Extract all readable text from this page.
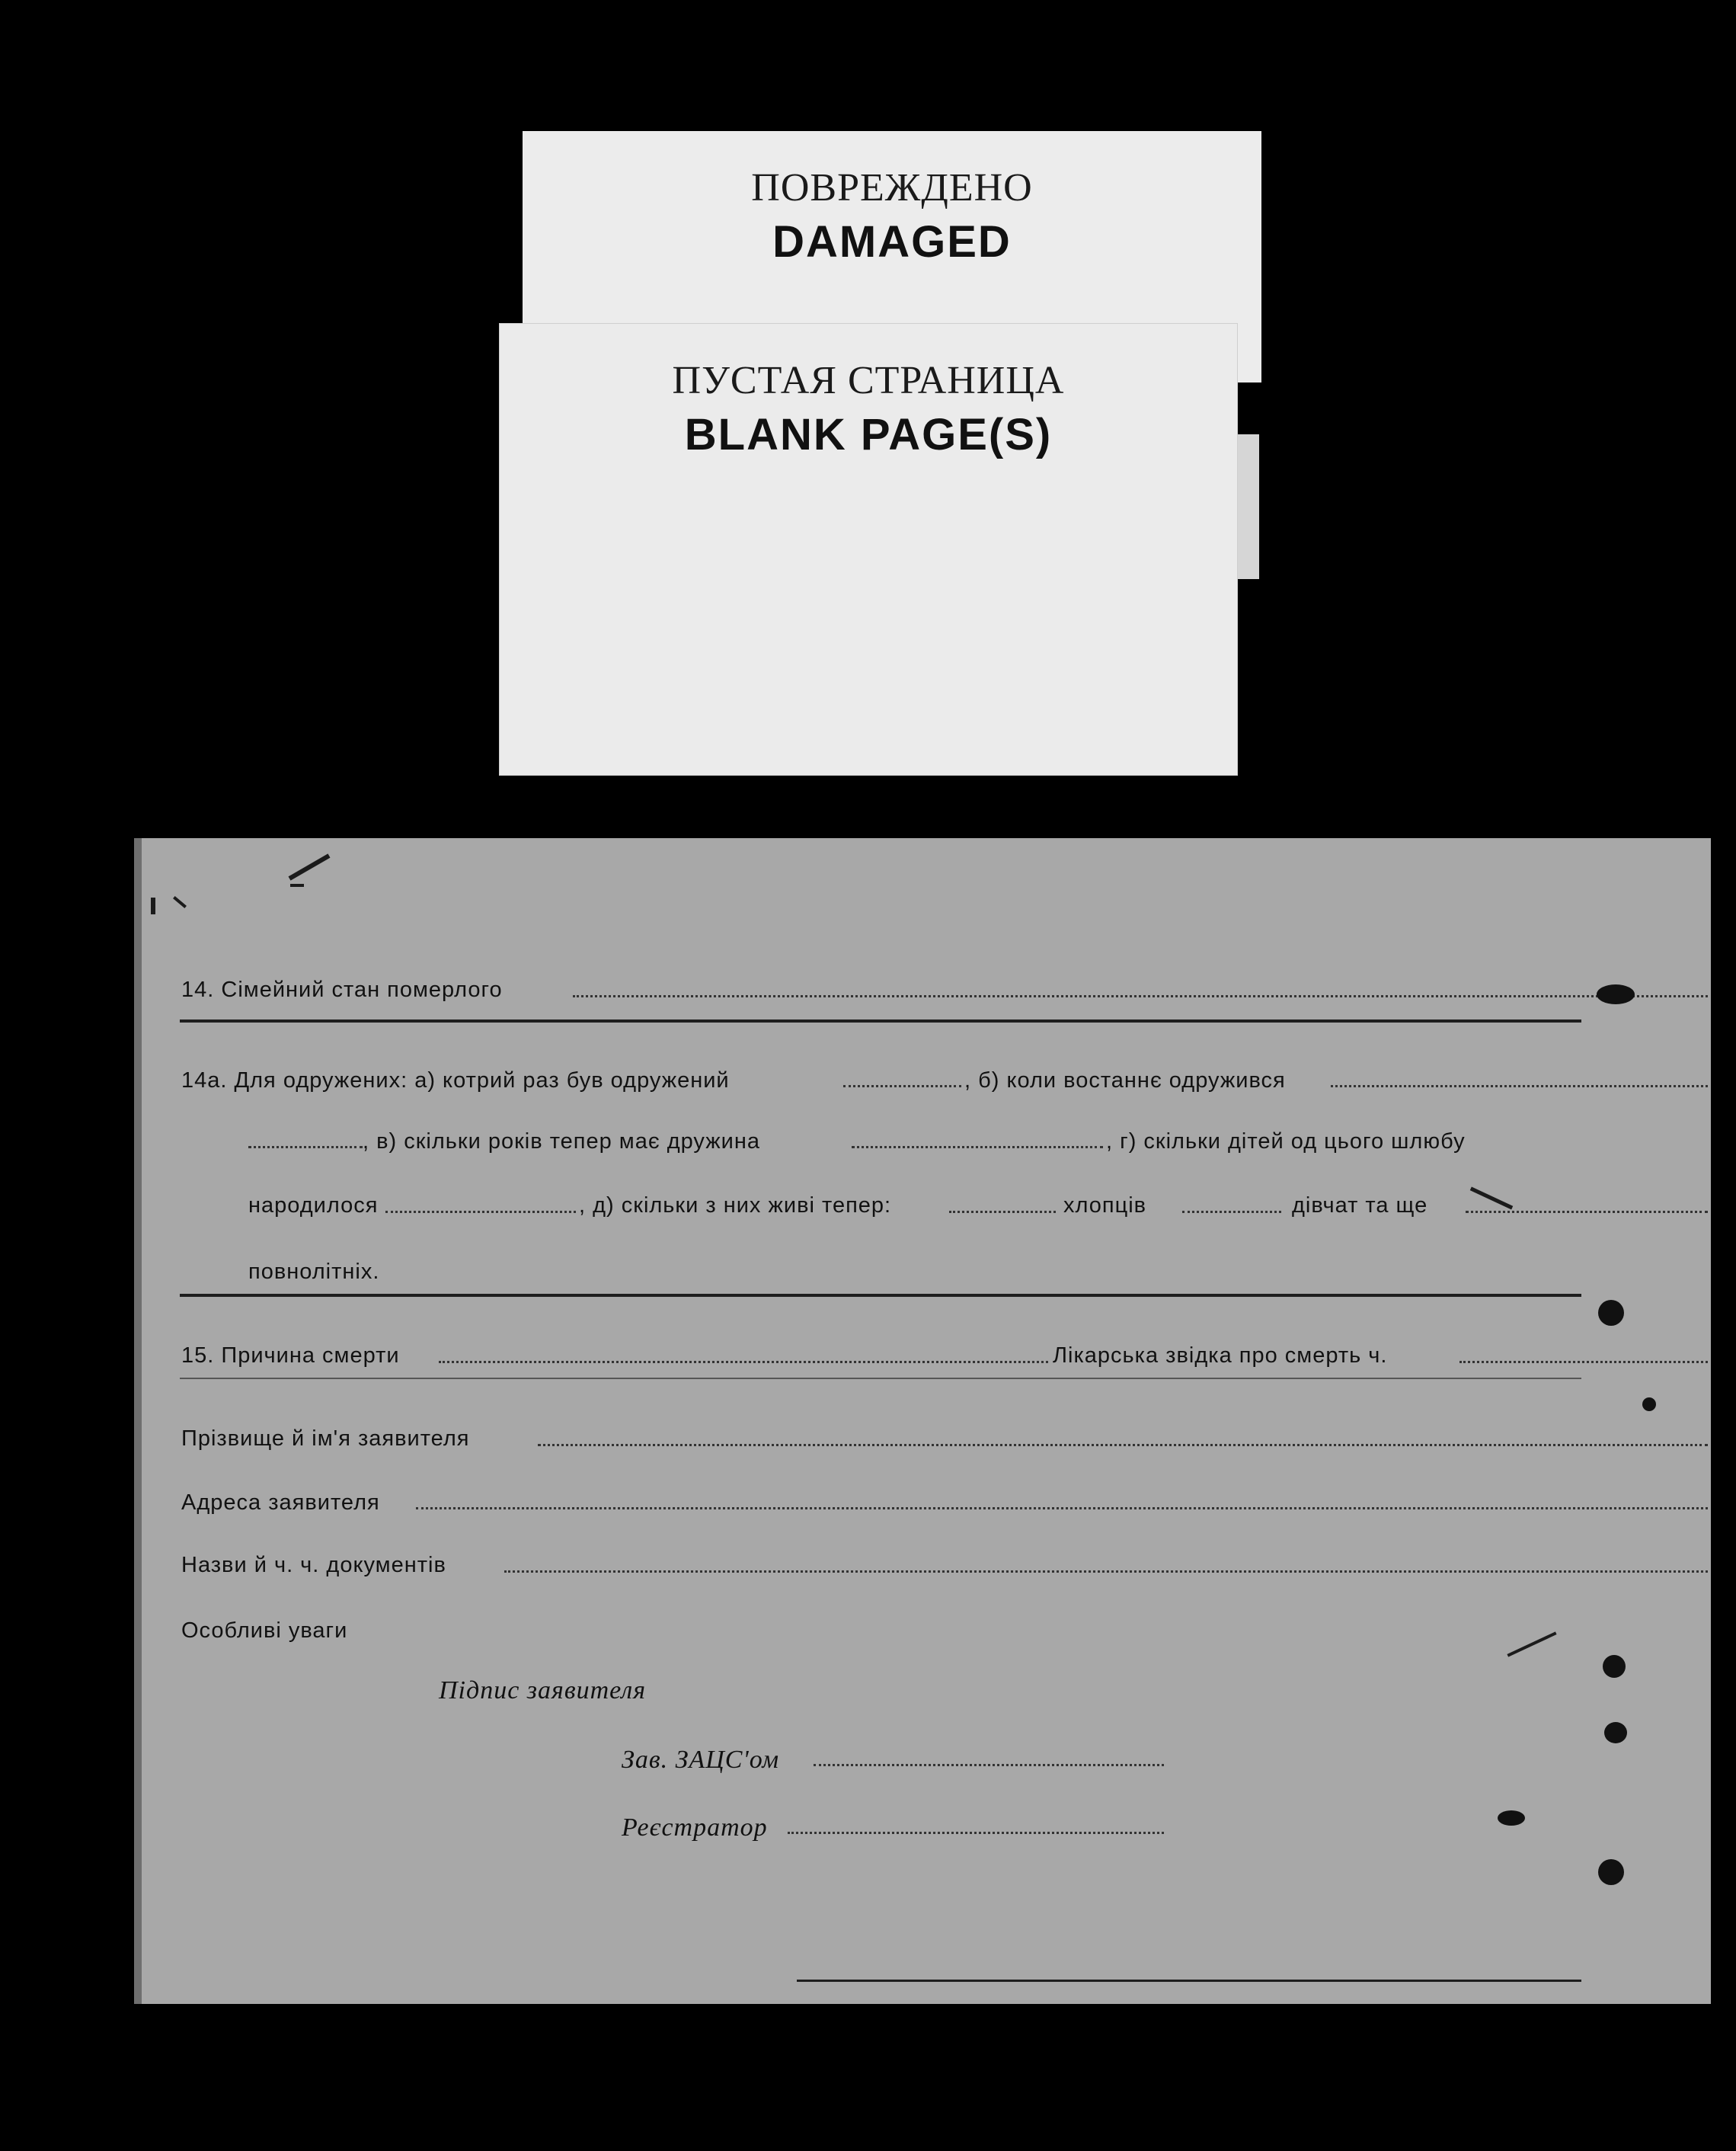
ПОВРЕЖДЕНО
DAMAGED
ПУСТАЯ СТРАНИЦА
BLANK PAGE(S)
14. Сімейний стан померлого
14а. Для одружених: а) котрий раз був одружений	, б) коли востаннє одружився
, в) скільки років тепер має дружина	, г) скільки дітей од цього шлюбу
народилося	, д) скільки з них живі тепер:	хлопців	дівчат та ще
повнолітніх.
15. Причина смерти	Лікарська звідка про смерть ч.
Прізвище й ім'я заявителя
Адреса заявителя
Назви й ч. ч. документів
Особливі уваги
Підпис заявителя
Зав. ЗАЦС'ом
Реєстратор
